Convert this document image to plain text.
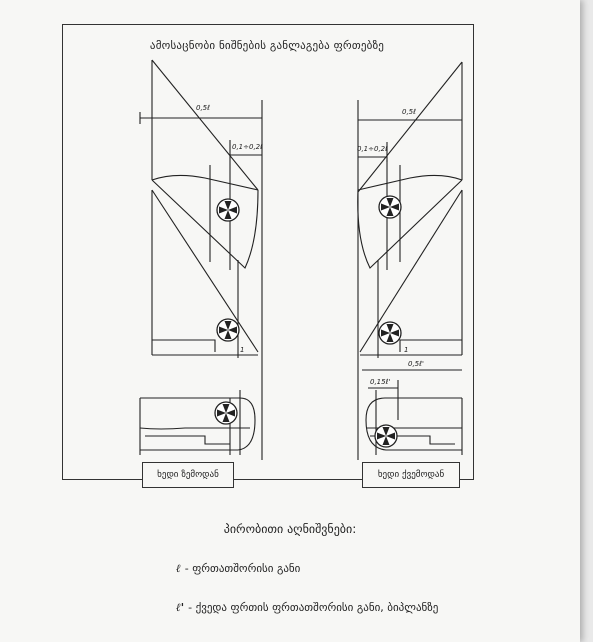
ამოსაცნობი ნიშნების განლაგება ფრთებზე
0,5ℓ
0,1÷0,2ℓ
0,5ℓ
0,1÷0,2ℓ
0,5ℓ'
0,15ℓ'
1	1
ხედი ზემოდან	ხედი ქვემოდან
პირობითი აღნიშვნები:
ℓ - ფრთათშორისი განი
ℓ' - ქვედა ფრთის ფრთათშორისი განი, ბიპლანზე
